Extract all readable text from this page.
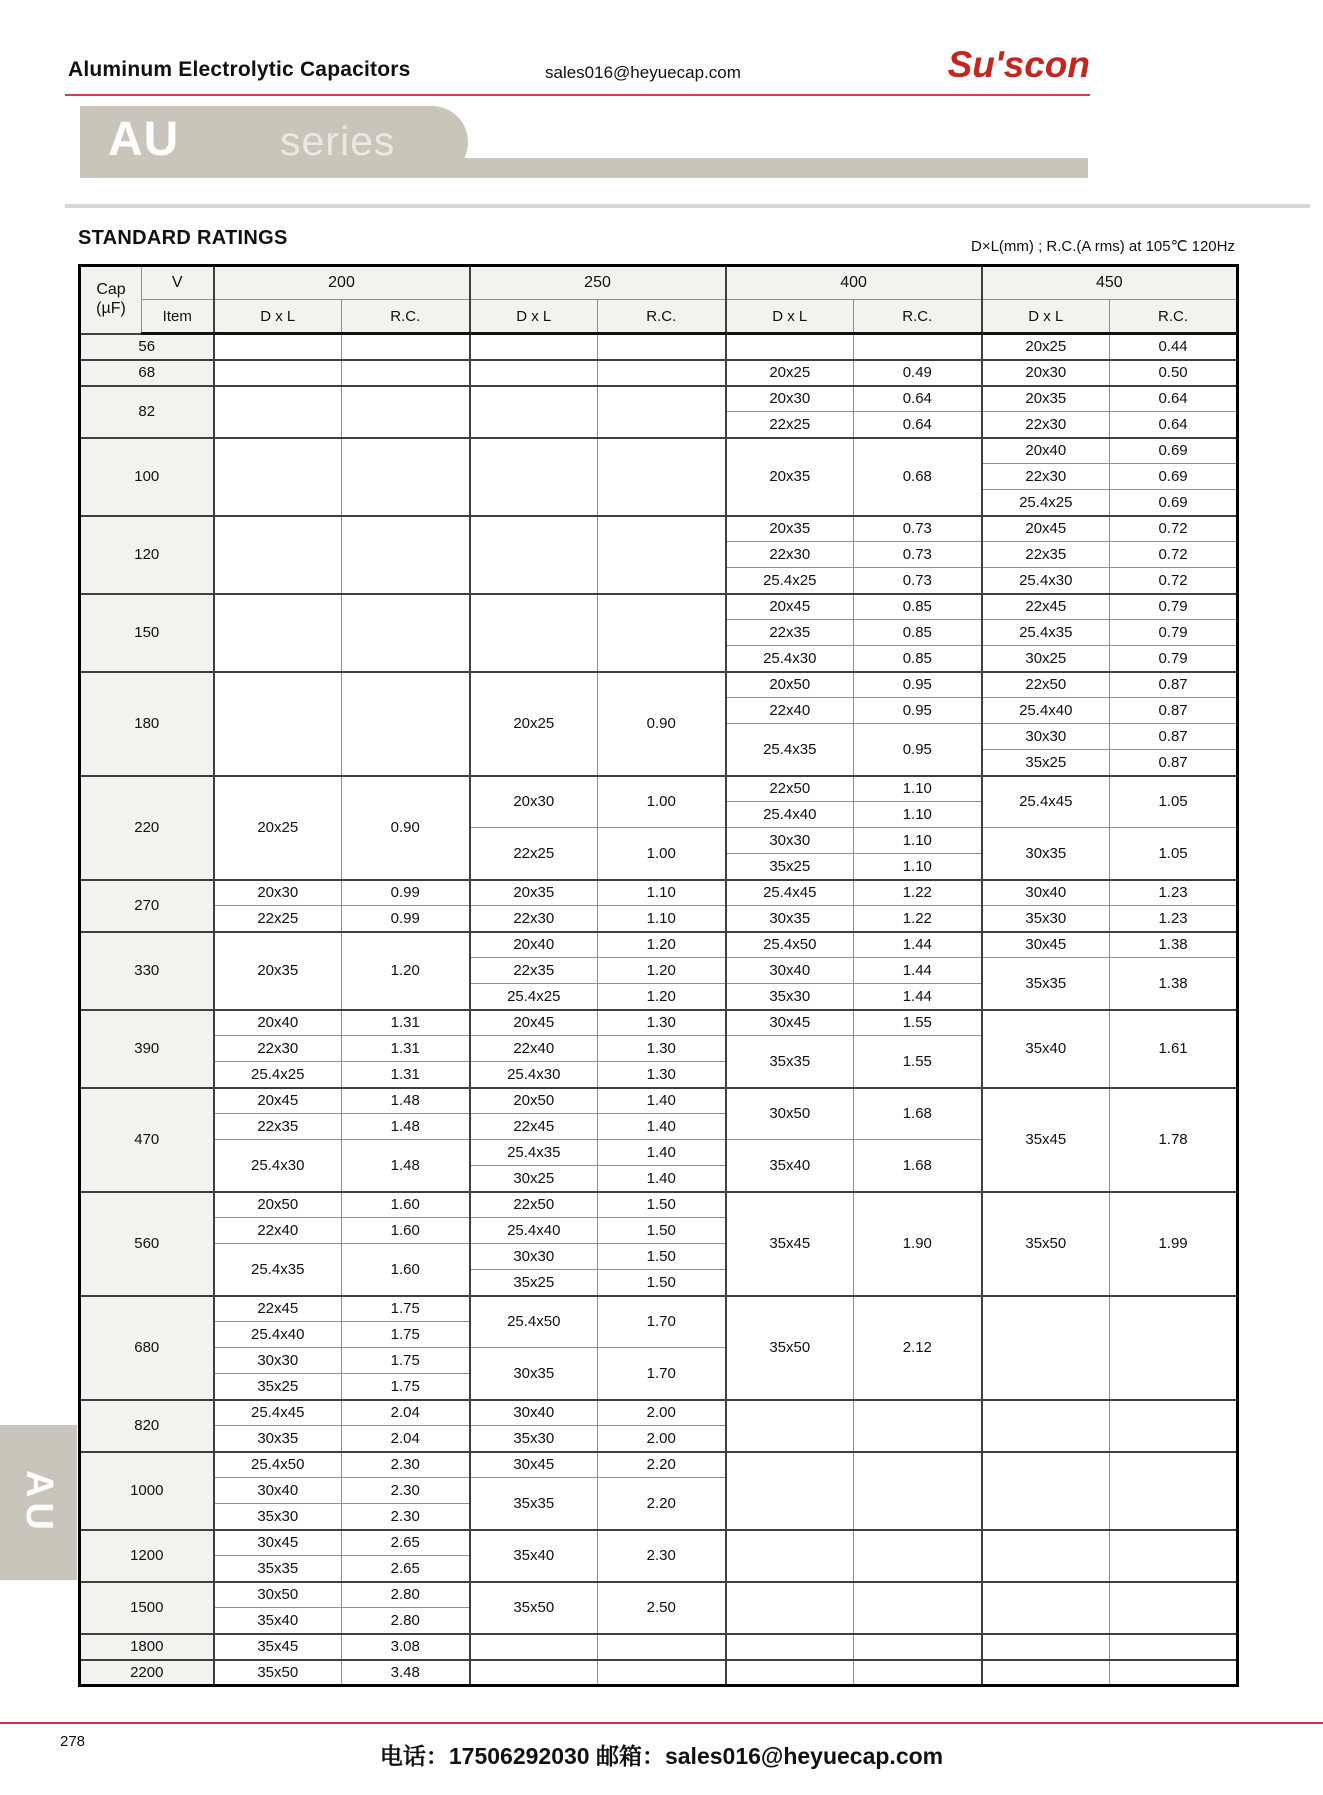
Aluminum Electrolytic Capacitors	sales016@heyuecap.com	Su'scon
AU series
STANDARD RATINGS	D×L(mm) ; R.C.(A rms) at 105℃ 120Hz
Cap
(µF)	V	200		250		400		450	
	Item	D x L	R.C.	D x L	R.C.	D x L	R.C.	D x L	R.C.
56								20x25	0.44
68						20x25	0.49	20x30	0.50
82						20x30	0.64	20x35	0.64
						22x25	0.64	22x30	0.64
100						20x35	0.68	20x40	0.69
								22x30	0.69
								25.4x25	0.69
120						20x35	0.73	20x45	0.72
						22x30	0.73	22x35	0.72
						25.4x25	0.73	25.4x30	0.72
150						20x45	0.85	22x45	0.79
						22x35	0.85	25.4x35	0.79
						25.4x30	0.85	30x25	0.79
180				20x25	0.90	20x50	0.95	22x50	0.87
						22x40	0.95	25.4x40	0.87
						25.4x35	0.95	30x30	0.87
								35x25	0.87
220		20x25	0.90	20x30	1.00	22x50	1.10	25.4x45	1.05
						25.4x40	1.10		
				22x25	1.00	30x30	1.10	30x35	1.05
						35x25	1.10		
270		20x30	0.99	20x35	1.10	25.4x45	1.22	30x40	1.23
		22x25	0.99	22x30	1.10	30x35	1.22	35x30	1.23
330		20x35	1.20	20x40	1.20	25.4x50	1.44	30x45	1.38
				22x35	1.20	30x40	1.44	35x35	1.38
				25.4x25	1.20	35x30	1.44		
390		20x40	1.31	20x45	1.30	30x45	1.55	35x40	1.61
		22x30	1.31	22x40	1.30	35x35	1.55		
		25.4x25	1.31	25.4x30	1.30				
470		20x45	1.48	20x50	1.40	30x50	1.68	35x45	1.78
		22x35	1.48	22x45	1.40				
		25.4x30	1.48	25.4x35	1.40	35x40	1.68		
				30x25	1.40				
560		20x50	1.60	22x50	1.50	35x45	1.90	35x50	1.99
		22x40	1.60	25.4x40	1.50				
		25.4x35	1.60	30x30	1.50				
				35x25	1.50				
680		22x45	1.75	25.4x50	1.70	35x50	2.12		
		25.4x40	1.75						
		30x30	1.75	30x35	1.70				
		35x25	1.75						
820		25.4x45	2.04	30x40	2.00				
		30x35	2.04	35x30	2.00				
1000		25.4x50	2.30	30x45	2.20				
		30x40	2.30	35x35	2.20				
		35x30	2.30						
1200		30x45	2.65	35x40	2.30				
		35x35	2.65						
1500		30x50	2.80	35x50	2.50				
		35x40	2.80						
1800		35x45	3.08						
2200		35x50	3.48						
AU
278
电话：17506292030 邮箱：sales016@heyuecap.com
